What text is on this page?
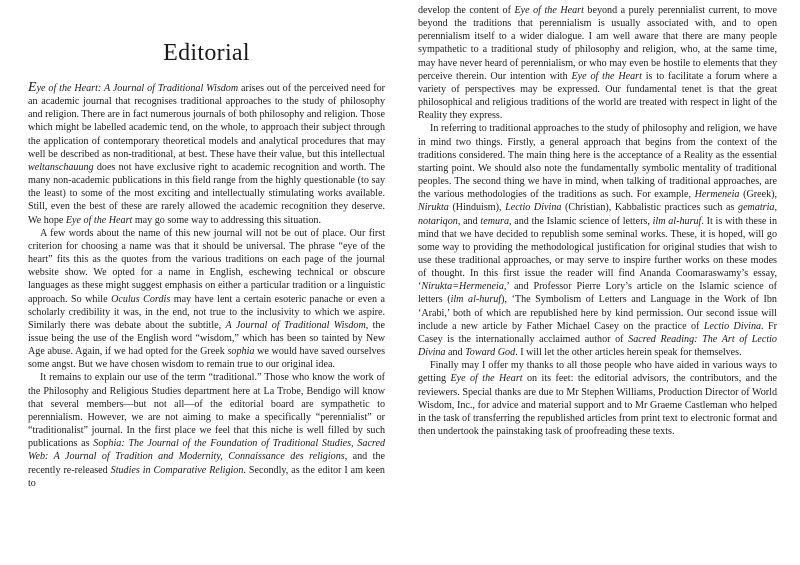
Editorial

Eye of the Heart: A Journal of Traditional Wisdom arises out of the perceived need for an academic journal that recognises traditional approaches to the study of philosophy and religion. There are in fact numerous journals of both philosophy and religion. Those which might be labelled academic tend, on the whole, to approach their subject through the application of contemporary theoretical models and analytical procedures that may well be described as non-traditional, at best. These have their value, but this intellectual weltanschauung does not have exclusive right to academic recognition and worth. The many non-academic publications in this field range from the highly questionable (to say the least) to some of the most exciting and intellectually stimulating works available. Still, even the best of these are rarely allowed the academic recognition they deserve. We hope Eye of the Heart may go some way to addressing this situation.

A few words about the name of this new journal will not be out of place. Our first criterion for choosing a name was that it should be universal. The phrase “eye of the heart” fits this as the quotes from the various traditions on each page of the journal website show. We opted for a name in English, eschewing technical or obscure languages as these might suggest emphasis on either a particular tradition or a linguistic approach. So while Oculus Cordis may have lent a certain esoteric panache or even a scholarly credibility it was, in the end, not true to the inclusivity to which we aspire. Similarly there was debate about the subtitle, A Journal of Traditional Wisdom, the issue being the use of the English word “wisdom,” which has been so tainted by New Age abuse. Again, if we had opted for the Greek sophia we would have saved ourselves some angst. But we have chosen wisdom to remain true to our original idea.

It remains to explain our use of the term “traditional.” Those who know the work of the Philosophy and Religious Studies department here at La Trobe, Bendigo will know that several members—but not all—of the editorial board are sympathetic to perennialism. However, we are not aiming to make a specifically “perennialist” or “traditionalist” journal. In the first place we feel that this niche is well filled by such publications as Sophia: The Journal of the Foundation of Traditional Studies, Sacred Web: A Journal of Tradition and Modernity, Connaissance des religions, and the recently re-released Studies in Comparative Religion. Secondly, as the editor I am keen to

develop the content of Eye of the Heart beyond a purely perennialist current, to move beyond the traditions that perennialism is usually associated with, and to open perennialism itself to a wider dialogue. I am well aware that there are many people sympathetic to a traditional study of philosophy and religion, who, at the same time, may have never heard of perennialism, or who may even be hostile to elements that they perceive therein. Our intention with Eye of the Heart is to facilitate a forum where a variety of perspectives may be expressed. Our fundamental tenet is that the great philosophical and religious traditions of the world are treated with respect in light of the Reality they express.

In referring to traditional approaches to the study of philosophy and religion, we have in mind two things. Firstly, a general approach that begins from the context of the traditions considered. The main thing here is the acceptance of a Reality as the essential starting point. We should also note the fundamentally symbolic mentality of traditional peoples. The second thing we have in mind, when talking of traditional approaches, are the various methodologies of the traditions as such. For example, Hermeneia (Greek), Nirukta (Hinduism), Lectio Divina (Christian), Kabbalistic practices such as gematria, notariqon, and temura, and the Islamic science of letters, ilm al-huruf. It is with these in mind that we have decided to republish some seminal works. These, it is hoped, will go some way to providing the methodological justification for original studies that wish to use these traditional approaches, or may serve to inspire further works on these modes of thought. In this first issue the reader will find Ananda Coomaraswamy’s essay, ‘Nirukta=Hermeneia,’ and Professor Pierre Lory’s article on the Islamic science of letters (ilm al-huruf), ‘The Symbolism of Letters and Language in the Work of Ibn ‘Arabi,’ both of which are republished here by kind permission. Our second issue will include a new article by Father Michael Casey on the practice of Lectio Divina. Fr Casey is the internationally acclaimed author of Sacred Reading: The Art of Lectio Divina and Toward God. I will let the other articles herein speak for themselves.

Finally may I offer my thanks to all those people who have aided in various ways to getting Eye of the Heart on its feet: the editorial advisors, the contributors, and the reviewers. Special thanks are due to Mr Stephen Williams, Production Director of World Wisdom, Inc., for advice and material support and to Mr Graeme Castleman who helped in the task of transferring the republished articles from print text to electronic format and then undertook the painstaking task of proofreading these texts.
